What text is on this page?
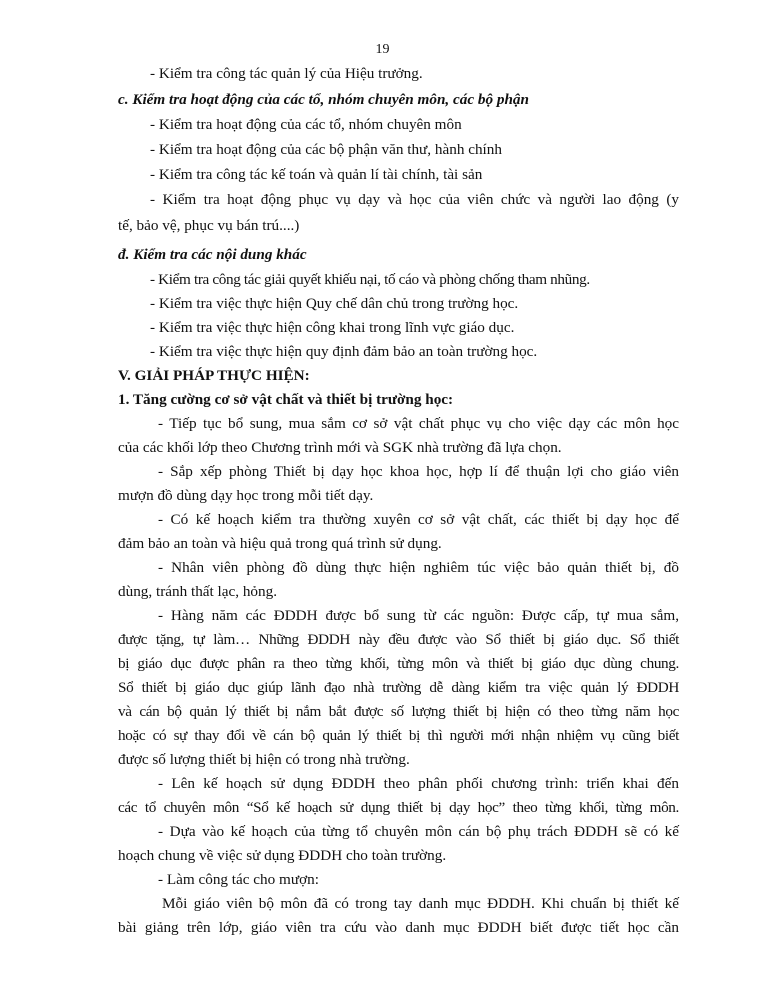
19
- Kiểm tra công tác quản lý của Hiệu trưởng.
c. Kiểm tra hoạt động của các tổ, nhóm chuyên môn, các bộ phận
- Kiểm tra hoạt động của các tổ, nhóm chuyên môn
- Kiểm tra hoạt động của các bộ phận văn thư, hành chính
- Kiểm tra công tác kế toán và quản lí tài chính, tài sản
- Kiểm tra hoạt động phục vụ dạy và học của viên chức và người lao động (y
tế, bảo vệ, phục vụ bán trú....)
đ. Kiểm tra các nội dung khác
- Kiểm tra công tác giải quyết khiếu nại, tố cáo và phòng chống tham nhũng.
- Kiểm tra việc thực hiện Quy chế dân chủ trong trường học.
- Kiểm tra việc thực hiện công khai trong lĩnh vực giáo dục.
- Kiểm tra việc thực hiện quy định đảm bảo an toàn trường học.
V. GIẢI PHÁP THỰC HIỆN:
1. Tăng cường cơ sở vật chất và thiết bị trường học:
- Tiếp tục bổ sung, mua sắm cơ sở vật chất phục vụ cho việc dạy các môn học
của các khối lớp theo Chương trình mới và SGK nhà trường đã lựa chọn.
- Sắp xếp phòng Thiết bị dạy học khoa học, hợp lí để thuận lợi cho giáo viên
mượn đồ dùng dạy học trong mỗi tiết dạy.
- Có kế hoạch kiểm tra thường xuyên cơ sở vật chất, các thiết bị dạy học để
đảm bảo an toàn và hiệu quả trong quá trình sử dụng.
- Nhân viên phòng đồ dùng thực hiện nghiêm túc việc bảo quản thiết bị, đồ
dùng, tránh thất lạc, hỏng.
- Hàng năm các ĐDDH được bổ sung từ các nguồn: Được cấp, tự mua sắm,
được tặng, tự làm… Những ĐDDH này đều được vào Sổ thiết bị giáo dục. Sổ thiết
bị giáo dục được phân ra theo từng khối, từng môn và thiết bị giáo dục dùng chung.
Sổ thiết bị giáo dục giúp lãnh đạo nhà trường dễ dàng kiểm tra việc quản lý ĐDDH
và cán bộ quản lý thiết bị nắm bắt được số lượng thiết bị hiện có theo từng năm học
hoặc có sự thay đổi về cán bộ quản lý thiết bị thì người mới nhận nhiệm vụ cũng biết
được số lượng thiết bị hiện có trong nhà trường.
- Lên kế hoạch sử dụng ĐDDH theo phân phối chương trình: triển khai đến
các tổ chuyên môn “Sổ kế hoạch sử dụng thiết bị dạy học” theo từng khối, từng môn.
- Dựa vào kế hoạch của từng tổ chuyên môn cán bộ phụ trách ĐDDH sẽ có kế
hoạch chung về việc sử dụng ĐDDH cho toàn trường.
- Làm công tác cho mượn:
Mỗi giáo viên bộ môn đã có trong tay danh mục ĐDDH. Khi chuẩn bị thiết kế
bài giảng trên lớp, giáo viên tra cứu vào danh mục ĐDDH biết được tiết học cần
